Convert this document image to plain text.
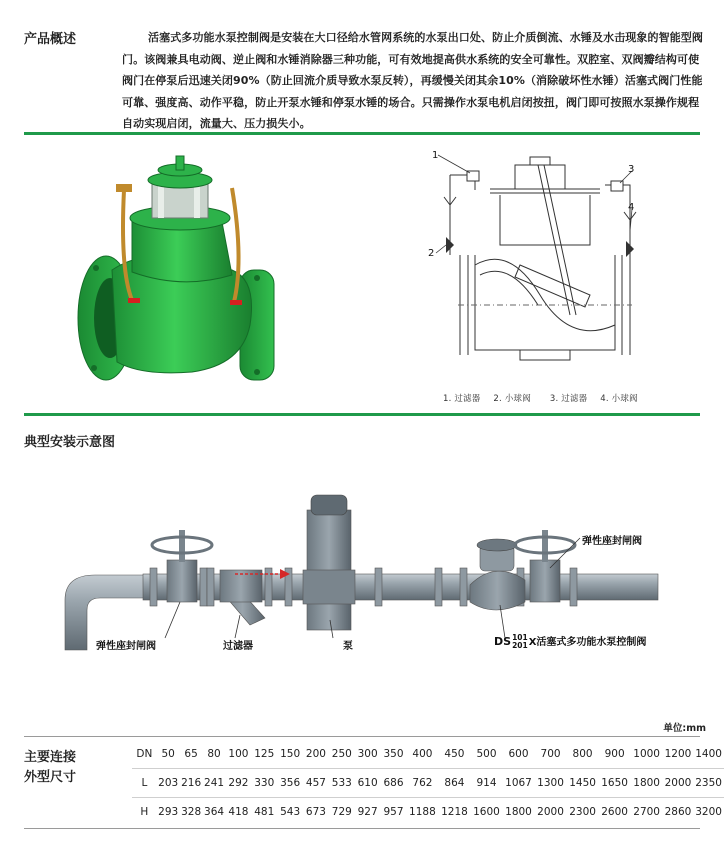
产品概述	活塞式多功能水泵控制阀是安装在大口径给水管网系统的水泵出口处、防止介质倒流、水锤及水击现象的智能型阀门。该阀兼具电动阀、逆止阀和水锤消除器三种功能，可有效地提高供水系统的安全可靠性。双腔室、双阀瓣结构可使阀门在停泵后迅速关闭90%（防止回流介质导致水泵反转），再缓慢关闭其余10%（消除破坏性水锤）活塞式阀门性能可靠、强度高、动作平稳，防止开泵水锤和停泵水锤的场合。只需操作水泵电机启闭按扭，阀门即可按照水泵操作规程自动实现启闭，流量大、压力损失小。
1
2
3
4
1. 过滤器 2. 小球阀 3. 过滤器 4. 小球阀
典型安装示意图
弹性座封闸阀
弹性座封闸阀	过滤器	泵	DS 101
201 X活塞式多功能水泵控制阀
单位:mm
主要连接
外型尺寸
DN	50	65	80	100	125	150	200	250	300	350	400	450	500	600	700	800	900	1000	1200	1400
L	203	216	241	292	330	356	457	533	610	686	762	864	914	1067	1300	1450	1650	1800	2000	2350
H	293	328	364	418	481	543	673	729	927	957	1188	1218	1600	1800	2000	2300	2600	2700	2860	3200
